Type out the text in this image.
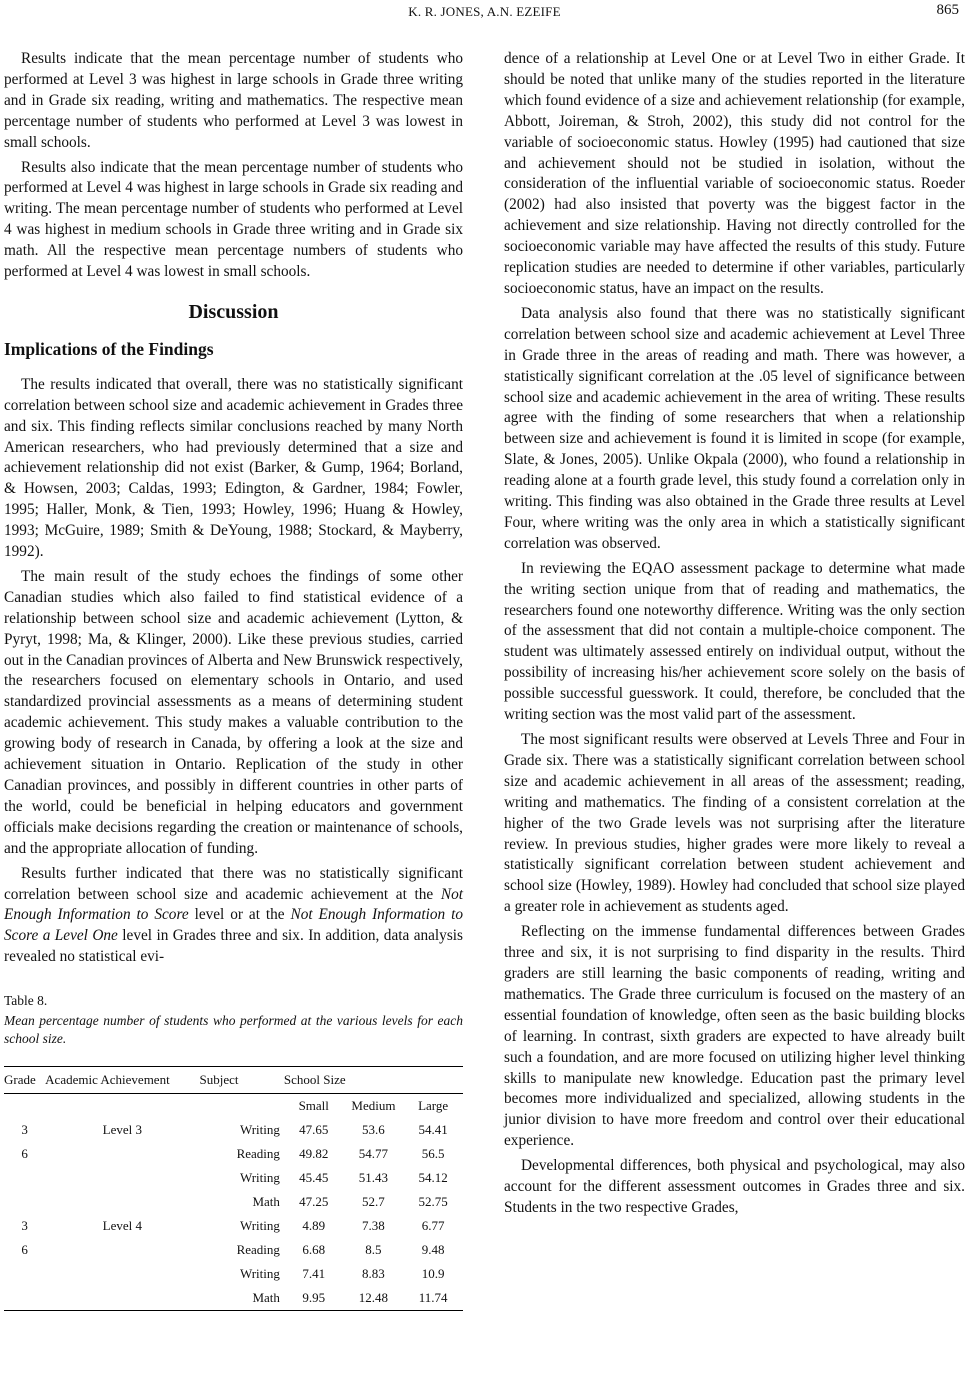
K. R. JONES, A.N. EZEIFE	865

Results indicate that the mean percentage number of students who performed at Level 3 was highest in large schools in Grade three writing and in Grade six reading, writing and mathematics. The respective mean percentage number of students who performed at Level 3 was lowest in small schools.

Results also indicate that the mean percentage number of students who performed at Level 4 was highest in large schools in Grade six reading and writing. The mean percentage number of students who performed at Level 4 was highest in medium schools in Grade three writing and in Grade six math. All the respective mean percentage numbers of students who performed at Level 4 was lowest in small schools.

Discussion
Implications of the Findings

The results indicated that overall, there was no statistically significant correlation between school size and academic achievement in Grades three and six. This finding reflects similar conclusions reached by many North American researchers, who had previously determined that a size and achievement relationship did not exist (Barker, & Gump, 1964; Borland, & Howsen, 2003; Caldas, 1993; Edington, & Gardner, 1984; Fowler, 1995; Haller, Monk, & Tien, 1993; Howley, 1996; Huang & Howley, 1993; McGuire, 1989; Smith & DeYoung, 1988; Stockard, & Mayberry, 1992).

The main result of the study echoes the findings of some other Canadian studies which also failed to find statistical evidence of a relationship between school size and academic achievement (Lytton, & Pyryt, 1998; Ma, & Klinger, 2000). Like these previous studies, carried out in the Canadian provinces of Alberta and New Brunswick respectively, the researchers focused on elementary schools in Ontario, and used standardized provincial assessments as a means of determining student academic achievement. This study makes a valuable contribution to the growing body of research in Canada, by offering a look at the size and achievement situation in Ontario. Replication of the study in other Canadian provinces, and possibly in different countries in other parts of the world, could be beneficial in helping educators and government officials make decisions regarding the creation or maintenance of schools, and the appropriate allocation of funding.

Results further indicated that there was no statistically significant correlation between school size and academic achievement at the Not Enough Information to Score level or at the Not Enough Information to Score a Level One level in Grades three and six. In addition, data analysis revealed no statistical evi-

Table 8.
Mean percentage number of students who performed at the various levels for each school size.
Grade	Academic Achievement	Subject	School Size		
			Small	Medium	Large
3	Level 3	Writing	47.65	53.6	54.41
6		Reading	49.82	54.77	56.5
		Writing	45.45	51.43	54.12
		Math	47.25	52.7	52.75
3	Level 4	Writing	4.89	7.38	6.77
6		Reading	6.68	8.5	9.48
		Writing	7.41	8.83	10.9
		Math	9.95	12.48	11.74

dence of a relationship at Level One or at Level Two in either Grade. It should be noted that unlike many of the studies reported in the literature which found evidence of a size and achievement relationship (for example, Abbott, Joireman, & Stroh, 2002), this study did not control for the variable of socioeconomic status. Howley (1995) had cautioned that size and achievement should not be studied in isolation, without the consideration of the influential variable of socioeconomic status. Roeder (2002) had also insisted that poverty was the biggest factor in the achievement and size relationship. Having not directly controlled for the socioeconomic variable may have affected the results of this study. Future replication studies are needed to determine if other variables, particularly socioeconomic status, have an impact on the results.

Data analysis also found that there was no statistically significant correlation between school size and academic achievement at Level Three in Grade three in the areas of reading and math. There was however, a statistically significant correlation at the .05 level of significance between school size and academic achievement in the area of writing. These results agree with the finding of some researchers that when a relationship between size and achievement is found it is limited in scope (for example, Slate, & Jones, 2005). Unlike Okpala (2000), who found a relationship in reading alone at a fourth grade level, this study found a correlation only in writing. This finding was also obtained in the Grade three results at Level Four, where writing was the only area in which a statistically significant correlation was observed.

In reviewing the EQAO assessment package to determine what made the writing section unique from that of reading and mathematics, the researchers found one noteworthy difference. Writing was the only section of the assessment that did not contain a multiple-choice component. The student was ultimately assessed entirely on individual output, without the possibility of increasing his/her achievement score solely on the basis of possible successful guesswork. It could, therefore, be concluded that the writing section was the most valid part of the assessment.

The most significant results were observed at Levels Three and Four in Grade six. There was a statistically significant correlation between school size and academic achievement in all areas of the assessment; reading, writing and mathematics. The finding of a consistent correlation at the higher of the two Grade levels was not surprising after the literature review. In previous studies, higher grades were more likely to reveal a statistically significant correlation between student achievement and school size (Howley, 1989). Howley had concluded that school size played a greater role in achievement as students aged.

Reflecting on the immense fundamental differences between Grades three and six, it is not surprising to find disparity in the results. Third graders are still learning the basic components of reading, writing and mathematics. The Grade three curriculum is focused on the mastery of an essential foundation of knowledge, often seen as the basic building blocks of learning. In contrast, sixth graders are expected to have already built such a foundation, and are more focused on utilizing higher level thinking skills to manipulate new knowledge. Education past the primary level becomes more individualized and specialized, allowing students in the junior division to have more freedom and control over their educational experience.

Developmental differences, both physical and psychological, may also account for the different assessment outcomes in Grades three and six. Students in the two respective Grades,
